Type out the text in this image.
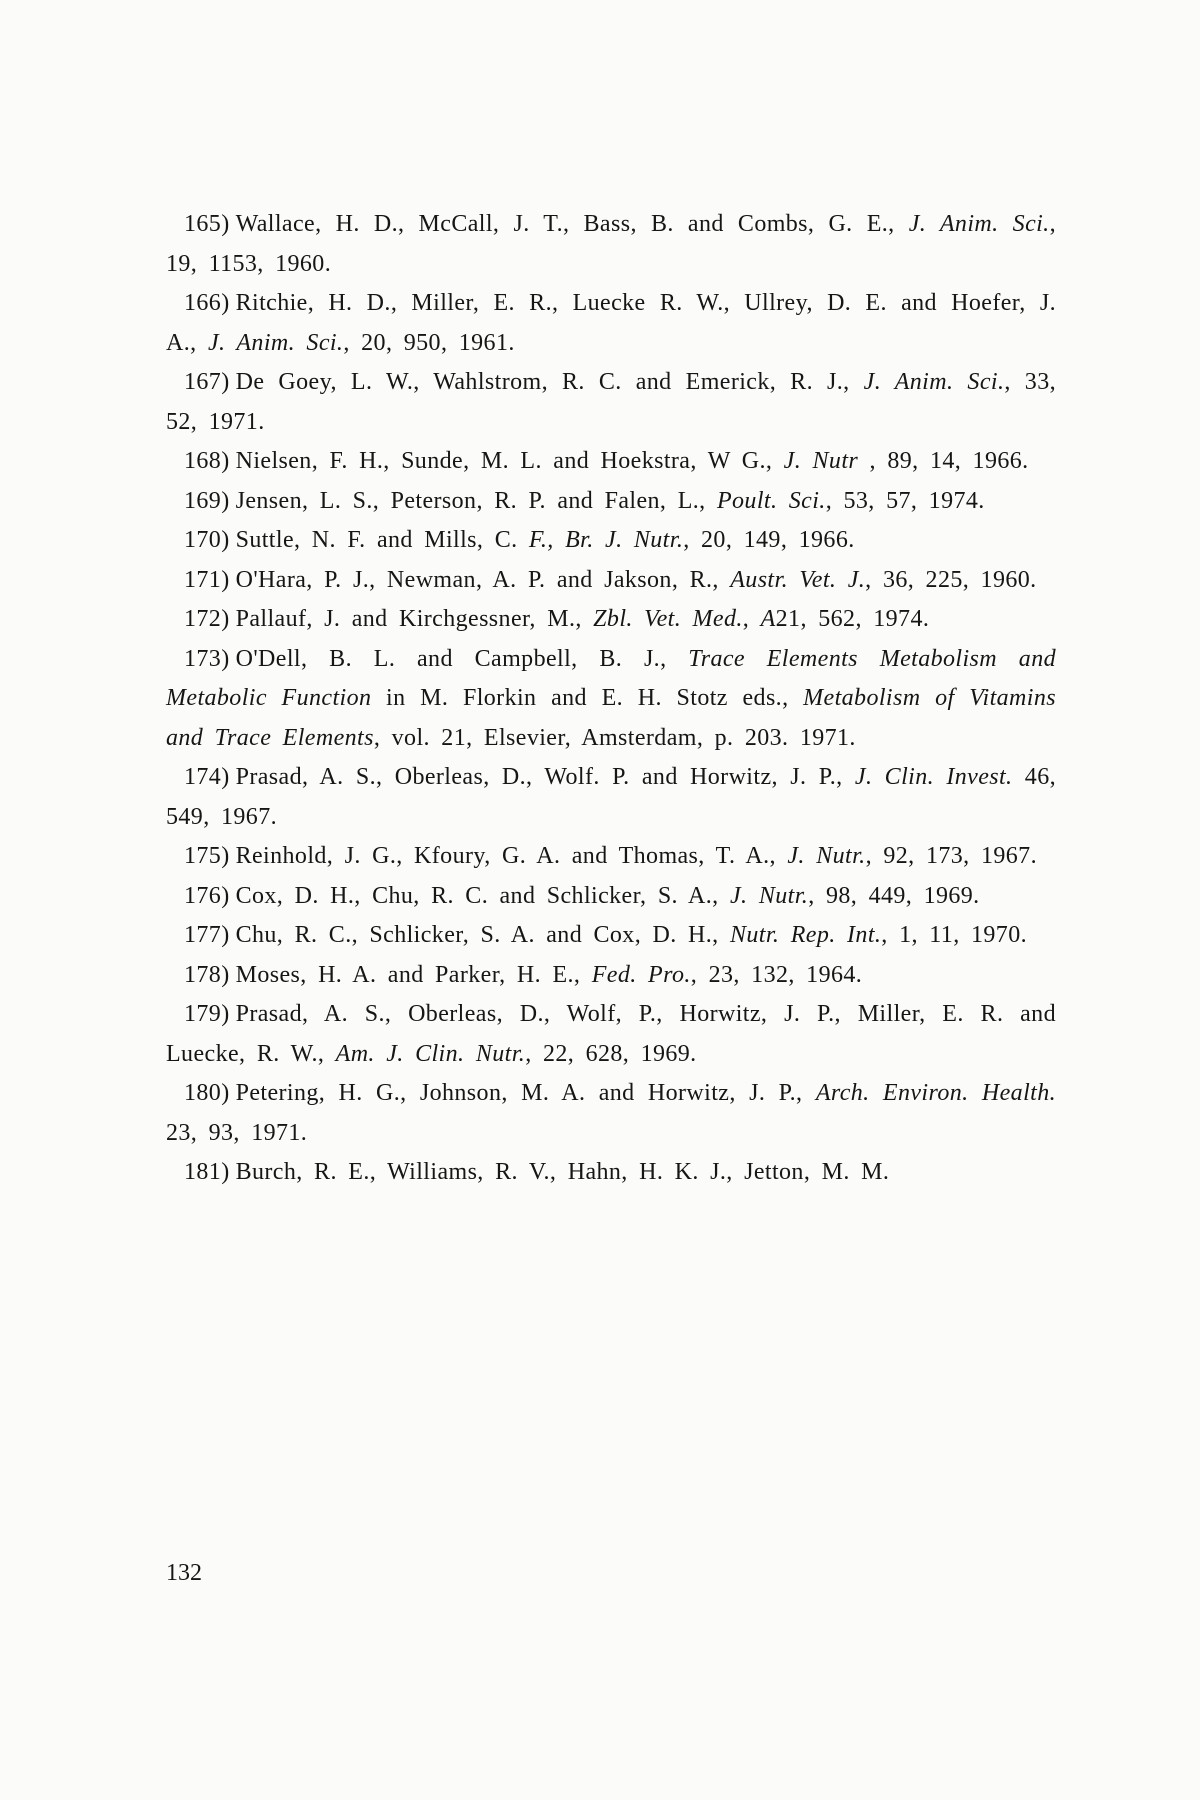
165) Wallace, H. D., McCall, J. T., Bass, B. and Combs, G. E., J. Anim. Sci., 19, 1153, 1960.

166) Ritchie, H. D., Miller, E. R., Luecke R. W., Ullrey, D. E. and Hoefer, J. A., J. Anim. Sci., 20, 950, 1961.

167) De Goey, L. W., Wahlstrom, R. C. and Emerick, R. J., J. Anim. Sci., 33, 52, 1971.

168) Nielsen, F. H., Sunde, M. L. and Hoekstra, W G., J. Nutr , 89, 14, 1966.

169) Jensen, L. S., Peterson, R. P. and Falen, L., Poult. Sci., 53, 57, 1974.

170) Suttle, N. F. and Mills, C. F., Br. J. Nutr., 20, 149, 1966.

171) O'Hara, P. J., Newman, A. P. and Jakson, R., Austr. Vet. J., 36, 225, 1960.

172) Pallauf, J. and Kirchgessner, M., Zbl. Vet. Med., A21, 562, 1974.

173) O'Dell, B. L. and Campbell, B. J., Trace Elements Metabolism and Metabolic Function in M. Florkin and E. H. Stotz eds., Metabolism of Vitamins and Trace Elements, vol. 21, Elsevier, Amsterdam, p. 203. 1971.

174) Prasad, A. S., Oberleas, D., Wolf. P. and Horwitz, J. P., J. Clin. Invest. 46, 549, 1967.

175) Reinhold, J. G., Kfoury, G. A. and Thomas, T. A., J. Nutr., 92, 173, 1967.

176) Cox, D. H., Chu, R. C. and Schlicker, S. A., J. Nutr., 98, 449, 1969.

177) Chu, R. C., Schlicker, S. A. and Cox, D. H., Nutr. Rep. Int., 1, 11, 1970.

178) Moses, H. A. and Parker, H. E., Fed. Pro., 23, 132, 1964.

179) Prasad, A. S., Oberleas, D., Wolf, P., Horwitz, J. P., Miller, E. R. and Luecke, R. W., Am. J. Clin. Nutr., 22, 628, 1969.

180) Petering, H. G., Johnson, M. A. and Horwitz, J. P., Arch. Environ. Health. 23, 93, 1971.

181) Burch, R. E., Williams, R. V., Hahn, H. K. J., Jetton, M. M.

132
